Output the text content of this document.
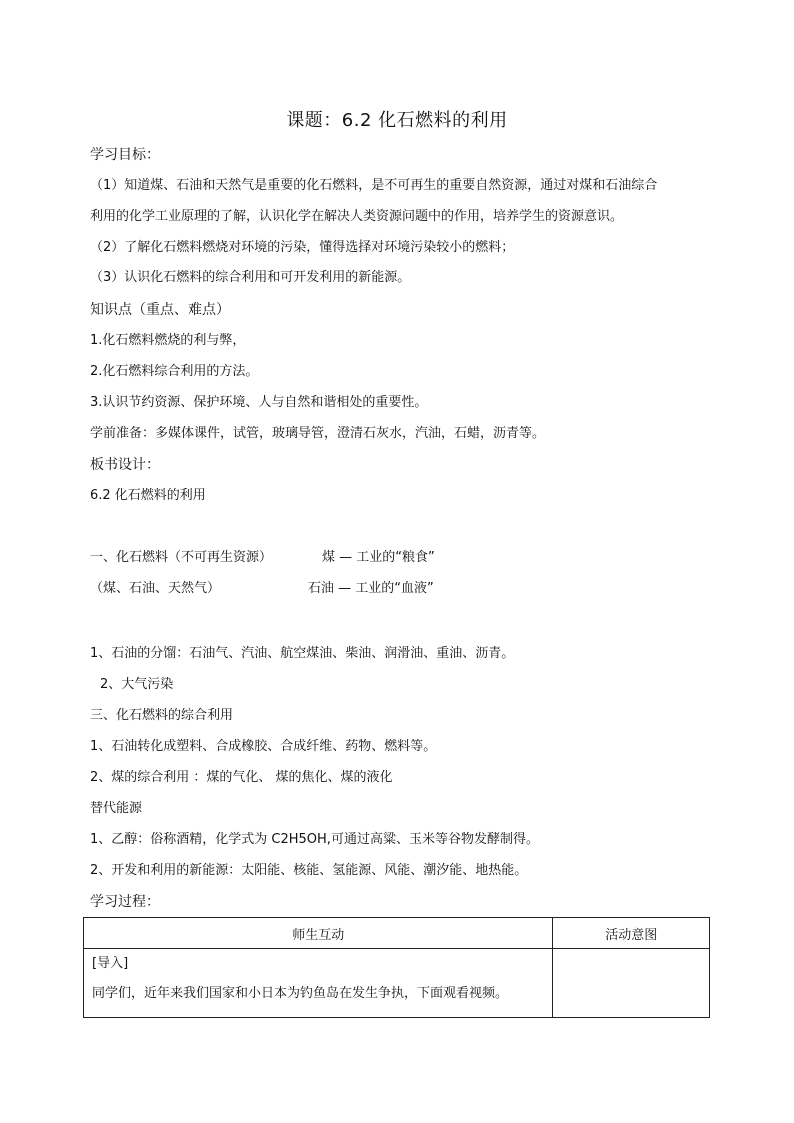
课题：6.2 化石燃料的利用
学习目标：
（1）知道煤、石油和天然气是重要的化石燃料，是不可再生的重要自然资源，通过对煤和石油综合
利用的化学工业原理的了解，认识化学在解决人类资源问题中的作用，培养学生的资源意识。
（2）了解化石燃料燃烧对环境的污染，懂得选择对环境污染较小的燃料；
（3）认识化石燃料的综合利用和可开发利用的新能源。
知识点（重点、难点）
1.化石燃料燃烧的利与弊，
2.化石燃料综合利用的方法。
3.认识节约资源、保护环境、人与自然和谐相处的重要性。
学前准备：多媒体课件，试管，玻璃导管，澄清石灰水，汽油，石蜡，沥青等。
板书设计：
6.2 化石燃料的利用
一、化石燃料（不可再生资源）	煤 — 工业的“粮食”
（煤、石油、天然气）	石油 — 工业的“血液”
1、石油的分馏：石油气、汽油、航空煤油、柴油、润滑油、重油、沥青。
2、大气污染
三、化石燃料的综合利用
1、石油转化成塑料、合成橡胶、合成纤维、药物、燃料等。
2、煤的综合利用 ：煤的气化、 煤的焦化、煤的液化
替代能源
1、乙醇：俗称酒精，化学式为 C2H5OH,可通过高粱、玉米等谷物发酵制得。
2、开发和利用的新能源：太阳能、核能、氢能源、风能、潮汐能、地热能。
学习过程：
师生互动	活动意图

[导入]
同学们，近年来我们国家和小日本为钓鱼岛在发生争执，下面观看视频。	
